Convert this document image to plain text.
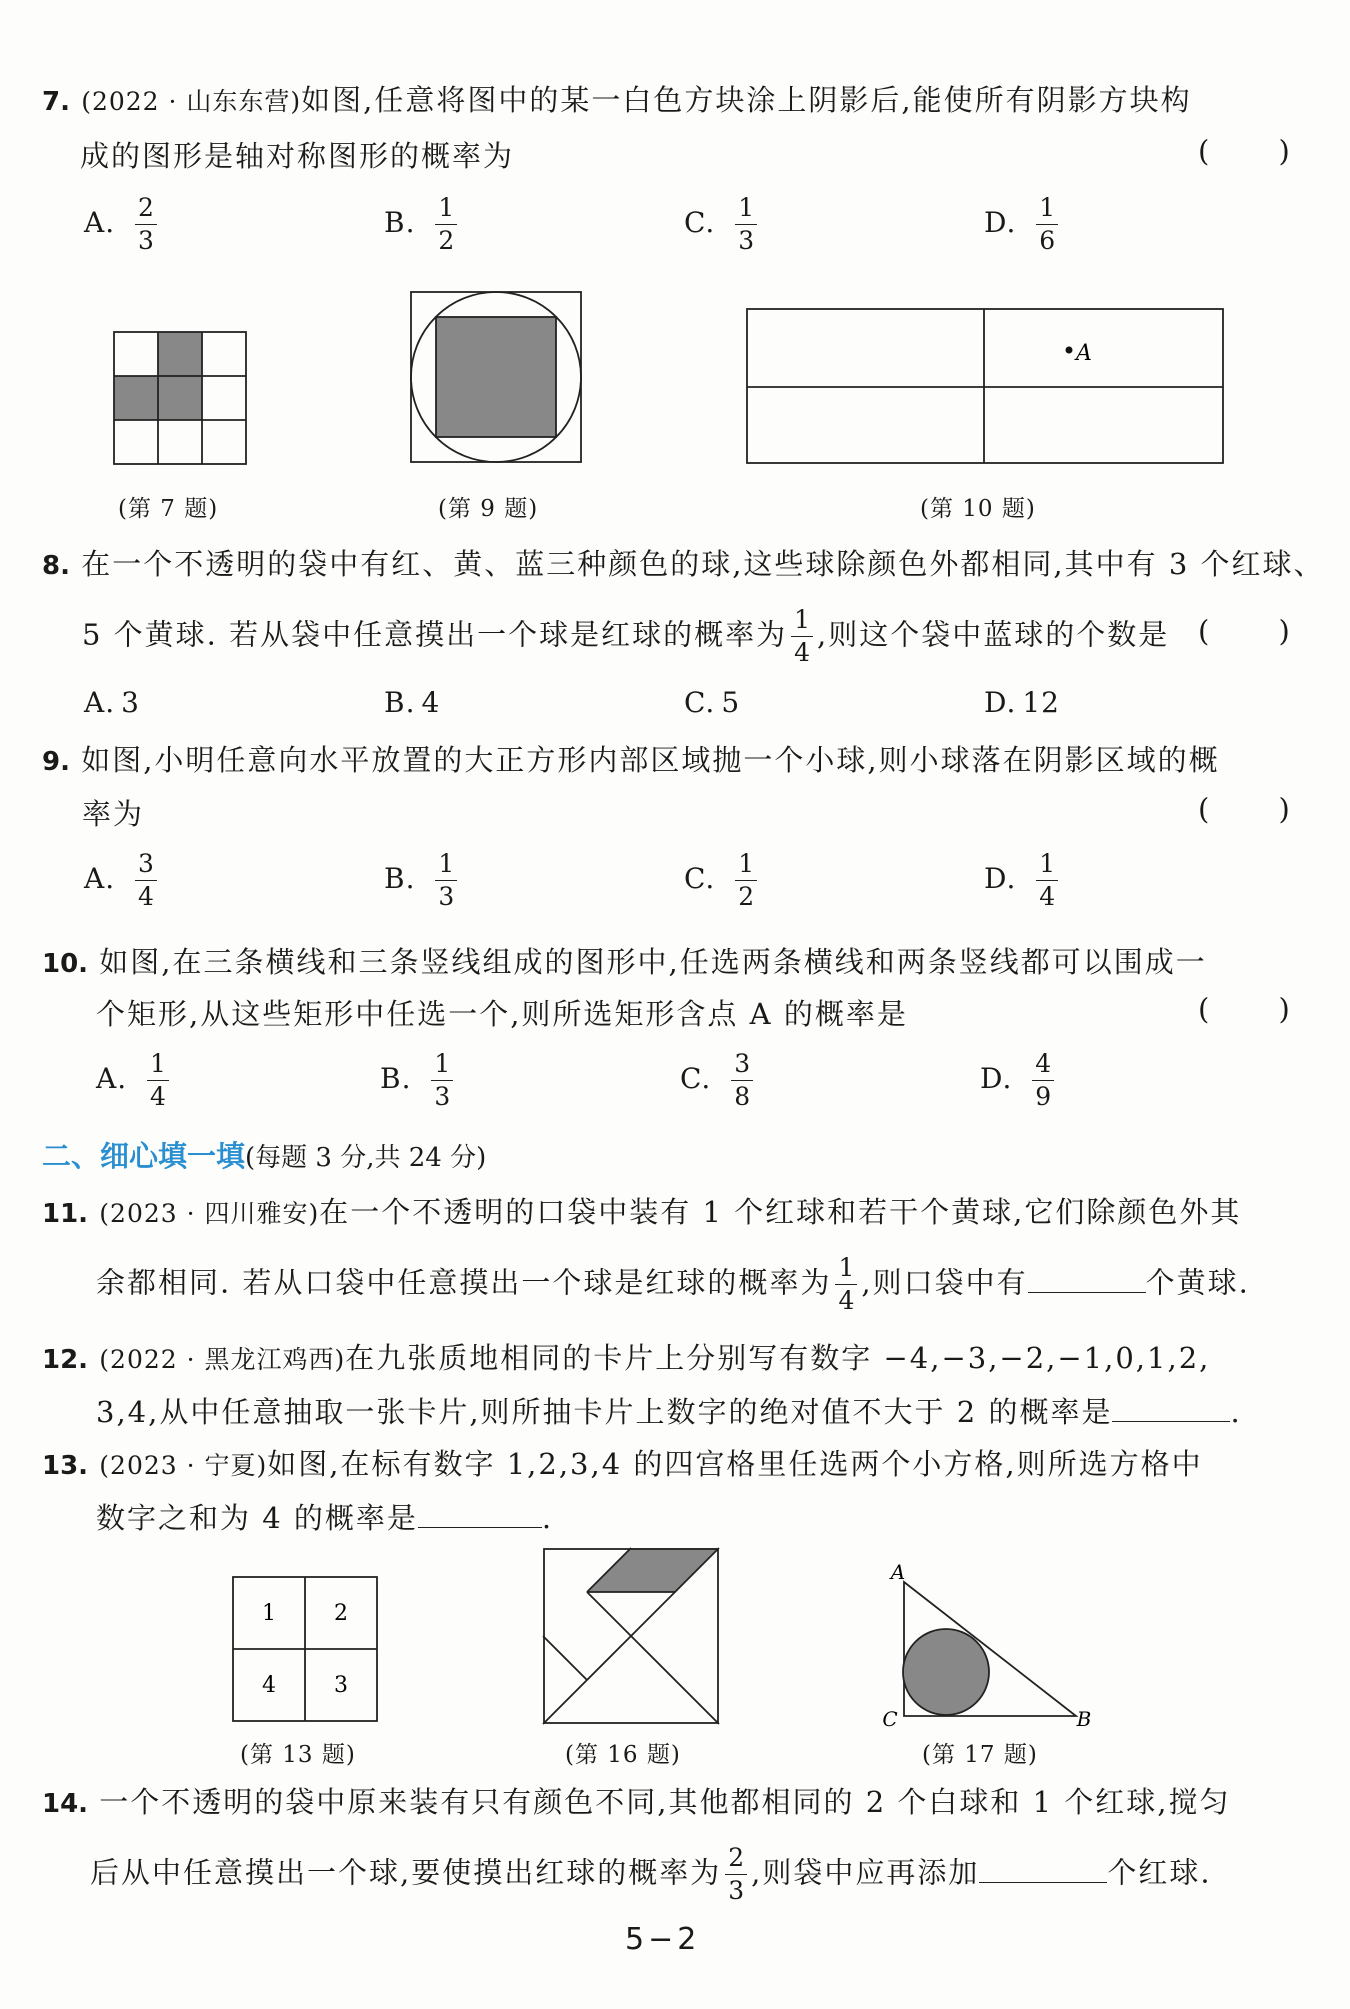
7. (2022 · 山东东营)如图,任意将图中的某一白色方块涂上阴影后,能使所有阴影方块构
成的图形是轴对称图形的概率为	( )
A. $\frac{2}{3}$	B. $\frac{1}{2}$	C. $\frac{1}{3}$	D. $\frac{1}{6}$
(第 7 题)	(第 9 题)
A
(第 10 题)
8. 在一个不透明的袋中有红、黄、蓝三种颜色的球,这些球除颜色外都相同,其中有 3 个红球、
5 个黄球. 若从袋中任意摸出一个球是红球的概率为 $\frac{1}{4}$ ,则这个袋中蓝球的个数是 ( )
A. 3	B. 4	C. 5	D. 12
9. 如图,小明任意向水平放置的大正方形内部区域抛一个小球,则小球落在阴影区域的概
率为	( )
A. $\frac{3}{4}$	B. $\frac{1}{3}$	C. $\frac{1}{2}$	D. $\frac{1}{4}$
10. 如图,在三条横线和三条竖线组成的图形中,任选两条横线和两条竖线都可以围成一
个矩形,从这些矩形中任选一个,则所选矩形含点 A 的概率是	( )
A. $\frac{1}{4}$	B. $\frac{1}{3}$	C. $\frac{3}{8}$	D. $\frac{4}{9}$
二、细心填一填(每题 3 分,共 24 分)
11. (2023 · 四川雅安)在一个不透明的口袋中装有 1 个红球和若干个黄球,它们除颜色外其
余都相同. 若从口袋中任意摸出一个球是红球的概率为 $\frac{1}{4}$ ,则口袋中有	个黄球.
12. (2022 · 黑龙江鸡西)在九张质地相同的卡片上分别写有数字 −4,−3,−2,−1,0,1,2,
3,4,从中任意抽取一张卡片,则所抽卡片上数字的绝对值不大于 2 的概率是	.
13. (2023 · 宁夏)如图,在标有数字 1,2,3,4 的四宫格里任选两个小方格,则所选方格中
数字之和为 4 的概率是	.
1	2
4	3
(第 13 题)	(第 16 题)
A
C	B
(第 17 题)
14. 一个不透明的袋中原来装有只有颜色不同,其他都相同的 2 个白球和 1 个红球,搅匀
后从中任意摸出一个球,要使摸出红球的概率为 $\frac{2}{3}$ ,则袋中应再添加	个红球.
5−2
